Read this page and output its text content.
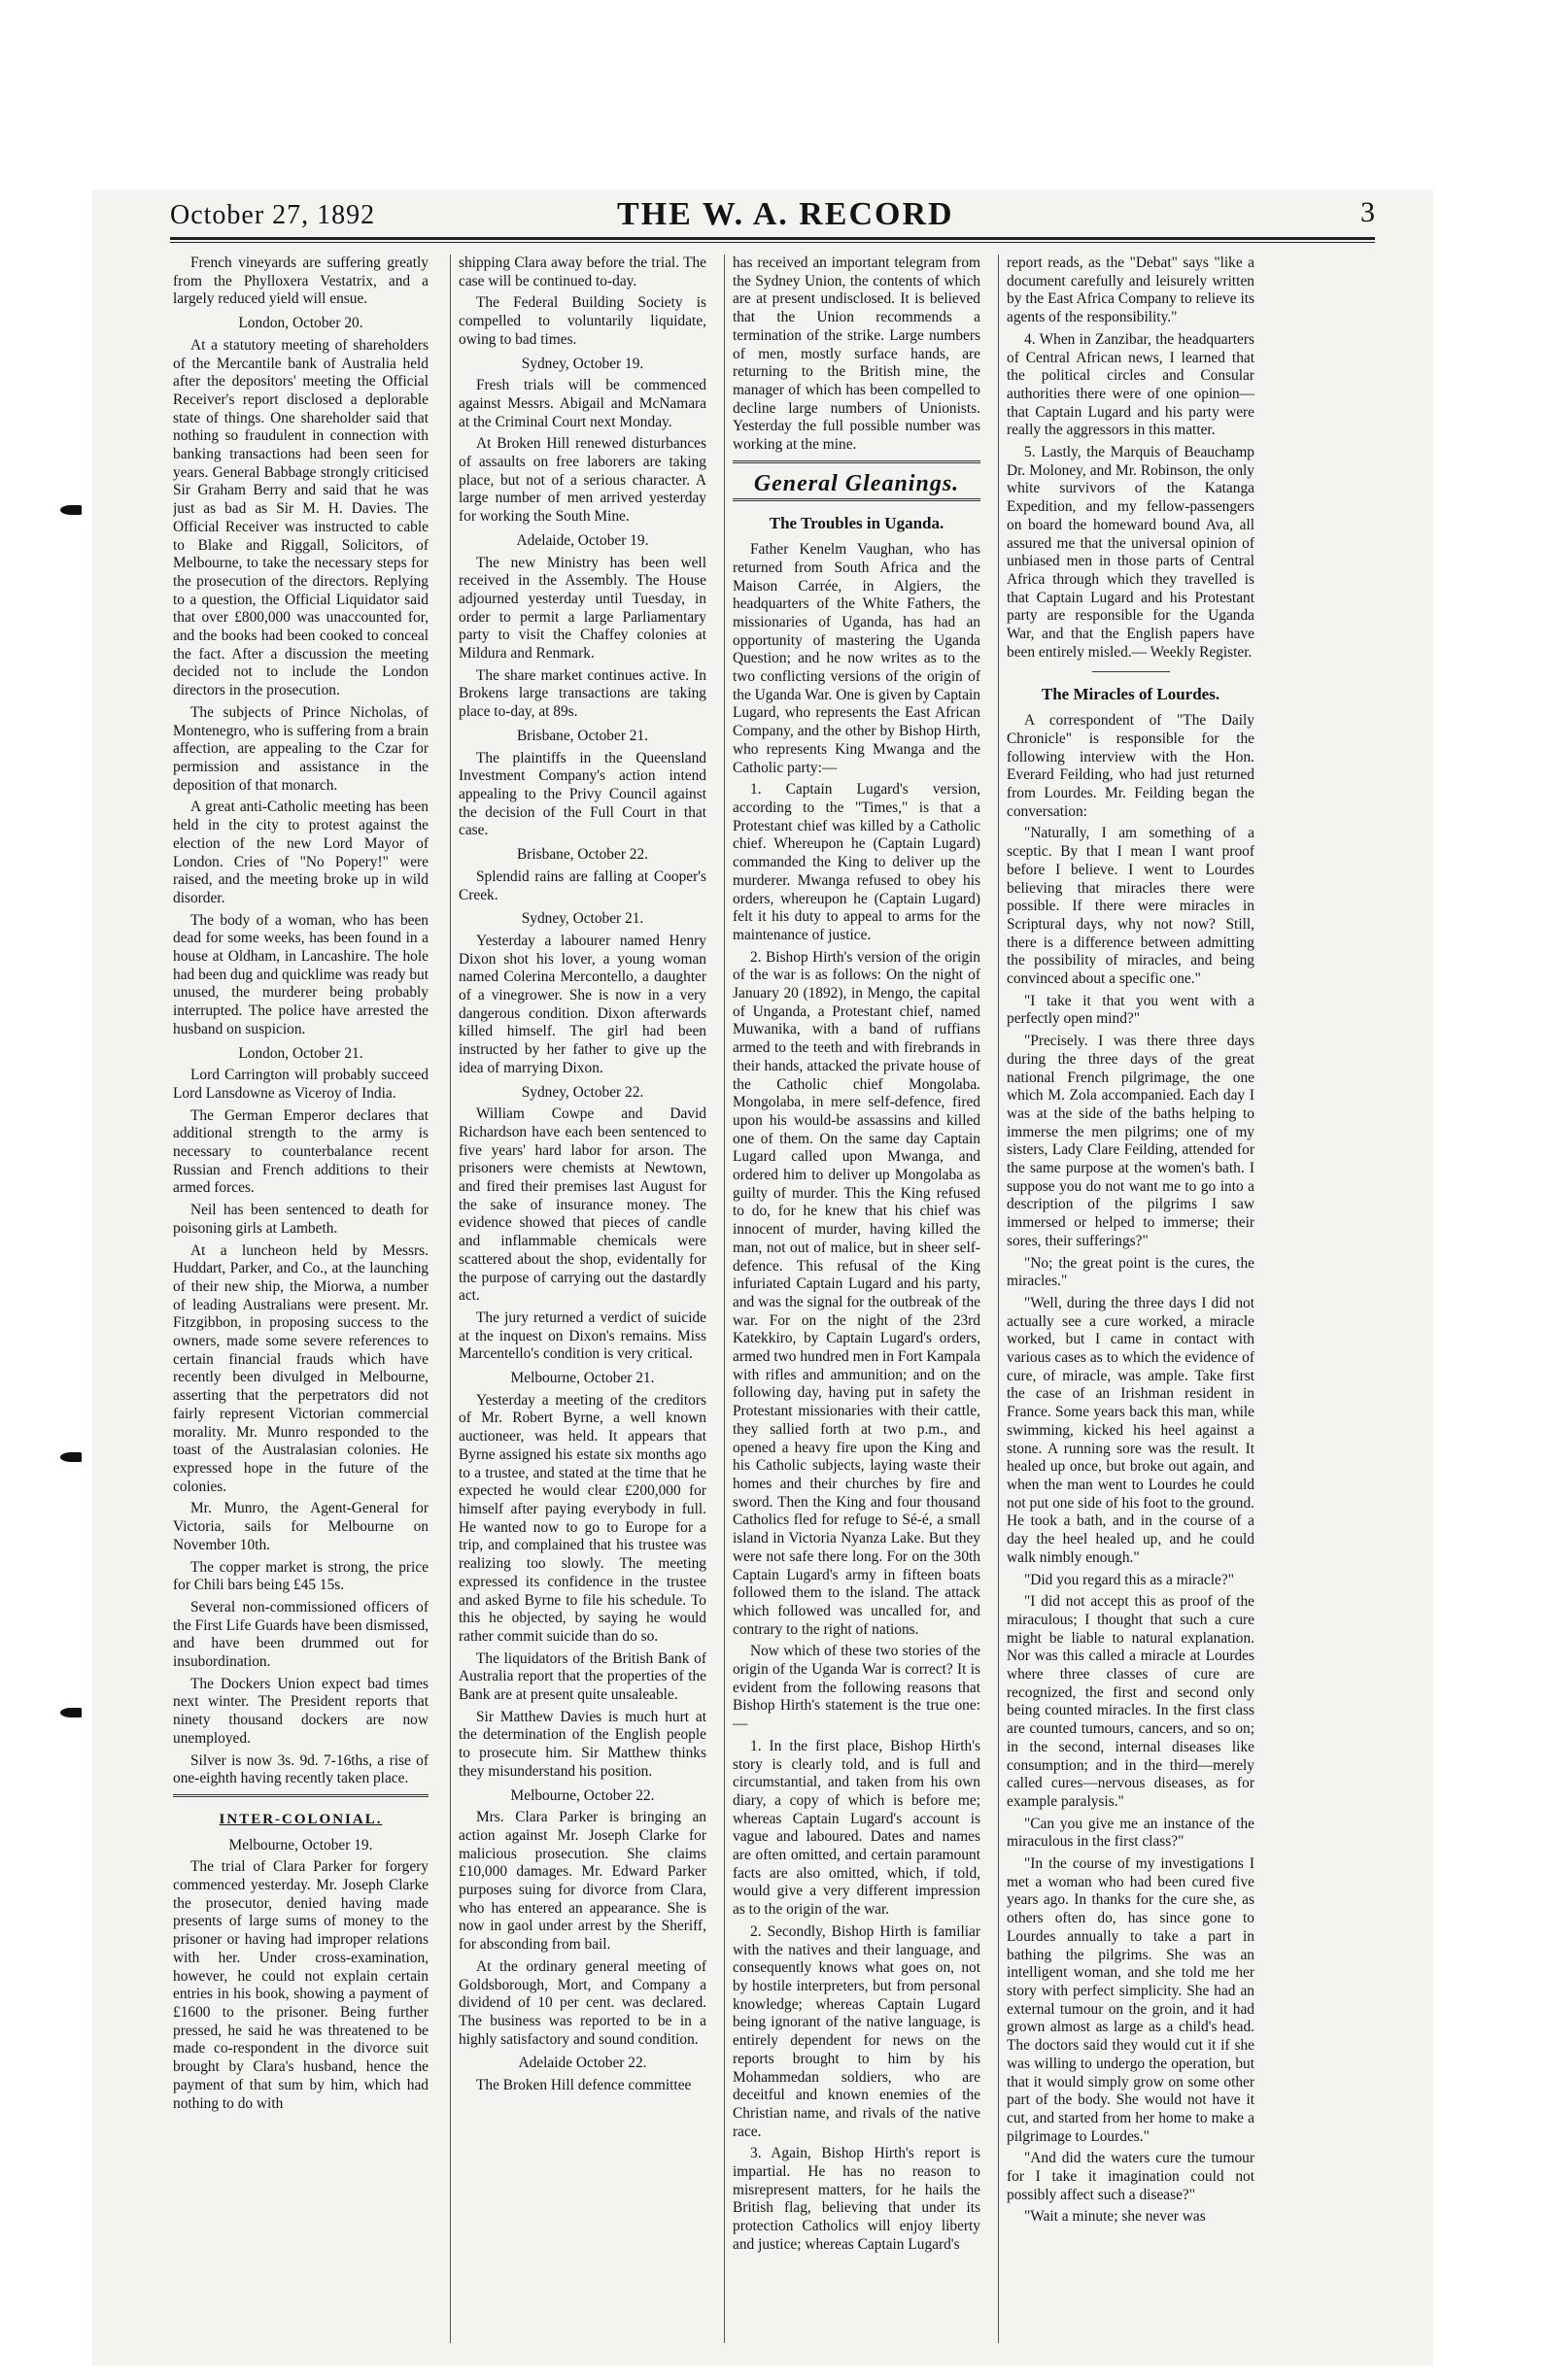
October 27, 1892	THE W. A. RECORD	3

French vineyards are suffering greatly from the Phylloxera Vestatrix, and a largely reduced yield will ensue.

London, October 20.

At a statutory meeting of shareholders of the Mercantile bank of Australia held after the depositors' meeting the Official Receiver's report disclosed a deplorable state of things. One shareholder said that nothing so fraudulent in connection with banking transactions had been seen for years. General Babbage strongly criticised Sir Graham Berry and said that he was just as bad as Sir M. H. Davies. The Official Receiver was instructed to cable to Blake and Riggall, Solicitors, of Melbourne, to take the necessary steps for the prosecution of the directors. Replying to a question, the Official Liquidator said that over £800,000 was unaccounted for, and the books had been cooked to conceal the fact. After a discussion the meeting decided not to include the London directors in the prosecution.

The subjects of Prince Nicholas, of Montenegro, who is suffering from a brain affection, are appealing to the Czar for permission and assistance in the deposition of that monarch.

A great anti-Catholic meeting has been held in the city to protest against the election of the new Lord Mayor of London. Cries of "No Popery!" were raised, and the meeting broke up in wild disorder.

The body of a woman, who has been dead for some weeks, has been found in a house at Oldham, in Lancashire. The hole had been dug and quicklime was ready but unused, the murderer being probably interrupted. The police have arrested the husband on suspicion.

London, October 21.

Lord Carrington will probably succeed Lord Lansdowne as Viceroy of India.

The German Emperor declares that additional strength to the army is necessary to counterbalance recent Russian and French additions to their armed forces.

Neil has been sentenced to death for poisoning girls at Lambeth.

At a luncheon held by Messrs. Huddart, Parker, and Co., at the launching of their new ship, the Miorwa, a number of leading Australians were present. Mr. Fitzgibbon, in proposing success to the owners, made some severe references to certain financial frauds which have recently been divulged in Melbourne, asserting that the perpetrators did not fairly represent Victorian commercial morality. Mr. Munro responded to the toast of the Australasian colonies. He expressed hope in the future of the colonies.

Mr. Munro, the Agent-General for Victoria, sails for Melbourne on November 10th.

The copper market is strong, the price for Chili bars being £45 15s.

Several non-commissioned officers of the First Life Guards have been dismissed, and have been drummed out for insubordination.

The Dockers Union expect bad times next winter. The President reports that ninety thousand dockers are now unemployed.

Silver is now 3s. 9d. 7-16ths, a rise of one-eighth having recently taken place.

INTER-COLONIAL.

Melbourne, October 19.

The trial of Clara Parker for forgery commenced yesterday. Mr. Joseph Clarke the prosecutor, denied having made presents of large sums of money to the prisoner or having had improper relations with her. Under cross-examination, however, he could not explain certain entries in his book, showing a payment of £1600 to the prisoner. Being further pressed, he said he was threatened to be made co-respondent in the divorce suit brought by Clara's husband, hence the payment of that sum by him, which had nothing to do with

shipping Clara away before the trial. The case will be continued to-day.

The Federal Building Society is compelled to voluntarily liquidate, owing to bad times.

Sydney, October 19.

Fresh trials will be commenced against Messrs. Abigail and McNamara at the Criminal Court next Monday.

At Broken Hill renewed disturbances of assaults on free laborers are taking place, but not of a serious character. A large number of men arrived yesterday for working the South Mine.

Adelaide, October 19.

The new Ministry has been well received in the Assembly. The House adjourned yesterday until Tuesday, in order to permit a large Parliamentary party to visit the Chaffey colonies at Mildura and Renmark.

The share market continues active. In Brokens large transactions are taking place to-day, at 89s.

Brisbane, October 21.

The plaintiffs in the Queensland Investment Company's action intend appealing to the Privy Council against the decision of the Full Court in that case.

Brisbane, October 22.

Splendid rains are falling at Cooper's Creek.

Sydney, October 21.

Yesterday a labourer named Henry Dixon shot his lover, a young woman named Colerina Mercontello, a daughter of a vinegrower. She is now in a very dangerous condition. Dixon afterwards killed himself. The girl had been instructed by her father to give up the idea of marrying Dixon.

Sydney, October 22.

William Cowpe and David Richardson have each been sentenced to five years' hard labor for arson. The prisoners were chemists at Newtown, and fired their premises last August for the sake of insurance money. The evidence showed that pieces of candle and inflammable chemicals were scattered about the shop, evidentally for the purpose of carrying out the dastardly act.

The jury returned a verdict of suicide at the inquest on Dixon's remains. Miss Marcentello's condition is very critical.

Melbourne, October 21.

Yesterday a meeting of the creditors of Mr. Robert Byrne, a well known auctioneer, was held. It appears that Byrne assigned his estate six months ago to a trustee, and stated at the time that he expected he would clear £200,000 for himself after paying everybody in full. He wanted now to go to Europe for a trip, and complained that his trustee was realizing too slowly. The meeting expressed its confidence in the trustee and asked Byrne to file his schedule. To this he objected, by saying he would rather commit suicide than do so.

The liquidators of the British Bank of Australia report that the properties of the Bank are at present quite unsaleable.

Sir Matthew Davies is much hurt at the determination of the English people to prosecute him. Sir Matthew thinks they misunderstand his position.

Melbourne, October 22.

Mrs. Clara Parker is bringing an action against Mr. Joseph Clarke for malicious prosecution. She claims £10,000 damages. Mr. Edward Parker purposes suing for divorce from Clara, who has entered an appearance. She is now in gaol under arrest by the Sheriff, for absconding from bail.

At the ordinary general meeting of Goldsborough, Mort, and Company a dividend of 10 per cent. was declared. The business was reported to be in a highly satisfactory and sound condition.

Adelaide October 22.

The Broken Hill defence committee

has received an important telegram from the Sydney Union, the contents of which are at present undisclosed. It is believed that the Union recommends a termination of the strike. Large numbers of men, mostly surface hands, are returning to the British mine, the manager of which has been compelled to decline large numbers of Unionists. Yesterday the full possible number was working at the mine.

General Gleanings.
The Troubles in Uganda.

Father Kenelm Vaughan, who has returned from South Africa and the Maison Carrée, in Algiers, the headquarters of the White Fathers, the missionaries of Uganda, has had an opportunity of mastering the Uganda Question; and he now writes as to the two conflicting versions of the origin of the Uganda War. One is given by Captain Lugard, who represents the East African Company, and the other by Bishop Hirth, who represents King Mwanga and the Catholic party:—

1. Captain Lugard's version, according to the "Times," is that a Protestant chief was killed by a Catholic chief. Whereupon he (Captain Lugard) commanded the King to deliver up the murderer. Mwanga refused to obey his orders, whereupon he (Captain Lugard) felt it his duty to appeal to arms for the maintenance of justice.

2. Bishop Hirth's version of the origin of the war is as follows: On the night of January 20 (1892), in Mengo, the capital of Unganda, a Protestant chief, named Muwanika, with a band of ruffians armed to the teeth and with firebrands in their hands, attacked the private house of the Catholic chief Mongolaba. Mongolaba, in mere self-defence, fired upon his would-be assassins and killed one of them. On the same day Captain Lugard called upon Mwanga, and ordered him to deliver up Mongolaba as guilty of murder. This the King refused to do, for he knew that his chief was innocent of murder, having killed the man, not out of malice, but in sheer self-defence. This refusal of the King infuriated Captain Lugard and his party, and was the signal for the outbreak of the war. For on the night of the 23rd Katekkiro, by Captain Lugard's orders, armed two hundred men in Fort Kampala with rifles and ammunition; and on the following day, having put in safety the Protestant missionaries with their cattle, they sallied forth at two p.m., and opened a heavy fire upon the King and his Catholic subjects, laying waste their homes and their churches by fire and sword. Then the King and four thousand Catholics fled for refuge to Sé-é, a small island in Victoria Nyanza Lake. But they were not safe there long. For on the 30th Captain Lugard's army in fifteen boats followed them to the island. The attack which followed was uncalled for, and contrary to the right of nations.

Now which of these two stories of the origin of the Uganda War is correct? It is evident from the following reasons that Bishop Hirth's statement is the true one:—

1. In the first place, Bishop Hirth's story is clearly told, and is full and circumstantial, and taken from his own diary, a copy of which is before me; whereas Captain Lugard's account is vague and laboured. Dates and names are often omitted, and certain paramount facts are also omitted, which, if told, would give a very different impression as to the origin of the war.

2. Secondly, Bishop Hirth is familiar with the natives and their language, and consequently knows what goes on, not by hostile interpreters, but from personal knowledge; whereas Captain Lugard being ignorant of the native language, is entirely dependent for news on the reports brought to him by his Mohammedan soldiers, who are deceitful and known enemies of the Christian name, and rivals of the native race.

3. Again, Bishop Hirth's report is impartial. He has no reason to misrepresent matters, for he hails the British flag, believing that under its protection Catholics will enjoy liberty and justice; whereas Captain Lugard's

report reads, as the "Debat" says "like a document carefully and leisurely written by the East Africa Company to relieve its agents of the responsibility."

4. When in Zanzibar, the headquarters of Central African news, I learned that the political circles and Consular authorities there were of one opinion—that Captain Lugard and his party were really the aggressors in this matter.

5. Lastly, the Marquis of Beauchamp Dr. Moloney, and Mr. Robinson, the only white survivors of the Katanga Expedition, and my fellow-passengers on board the homeward bound Ava, all assured me that the universal opinion of unbiased men in those parts of Central Africa through which they travelled is that Captain Lugard and his Protestant party are responsible for the Uganda War, and that the English papers have been entirely misled.— Weekly Register.

The Miracles of Lourdes.

A correspondent of "The Daily Chronicle" is responsible for the following interview with the Hon. Everard Feilding, who had just returned from Lourdes. Mr. Feilding began the conversation:

"Naturally, I am something of a sceptic. By that I mean I want proof before I believe. I went to Lourdes believing that miracles there were possible. If there were miracles in Scriptural days, why not now? Still, there is a difference between admitting the possibility of miracles, and being convinced about a specific one."

"I take it that you went with a perfectly open mind?"

"Precisely. I was there three days during the three days of the great national French pilgrimage, the one which M. Zola accompanied. Each day I was at the side of the baths helping to immerse the men pilgrims; one of my sisters, Lady Clare Feilding, attended for the same purpose at the women's bath. I suppose you do not want me to go into a description of the pilgrims I saw immersed or helped to immerse; their sores, their sufferings?"

"No; the great point is the cures, the miracles."

"Well, during the three days I did not actually see a cure worked, a miracle worked, but I came in contact with various cases as to which the evidence of cure, of miracle, was ample. Take first the case of an Irishman resident in France. Some years back this man, while swimming, kicked his heel against a stone. A running sore was the result. It healed up once, but broke out again, and when the man went to Lourdes he could not put one side of his foot to the ground. He took a bath, and in the course of a day the heel healed up, and he could walk nimbly enough."

"Did you regard this as a miracle?"

"I did not accept this as proof of the miraculous; I thought that such a cure might be liable to natural explanation. Nor was this called a miracle at Lourdes where three classes of cure are recognized, the first and second only being counted miracles. In the first class are counted tumours, cancers, and so on; in the second, internal diseases like consumption; and in the third—merely called cures—nervous diseases, as for example paralysis."

"Can you give me an instance of the miraculous in the first class?"

"In the course of my investigations I met a woman who had been cured five years ago. In thanks for the cure she, as others often do, has since gone to Lourdes annually to take a part in bathing the pilgrims. She was an intelligent woman, and she told me her story with perfect simplicity. She had an external tumour on the groin, and it had grown almost as large as a child's head. The doctors said they would cut it if she was willing to undergo the operation, but that it would simply grow on some other part of the body. She would not have it cut, and started from her home to make a pilgrimage to Lourdes."

"And did the waters cure the tumour for I take it imagination could not possibly affect such a disease?"

"Wait a minute; she never was
